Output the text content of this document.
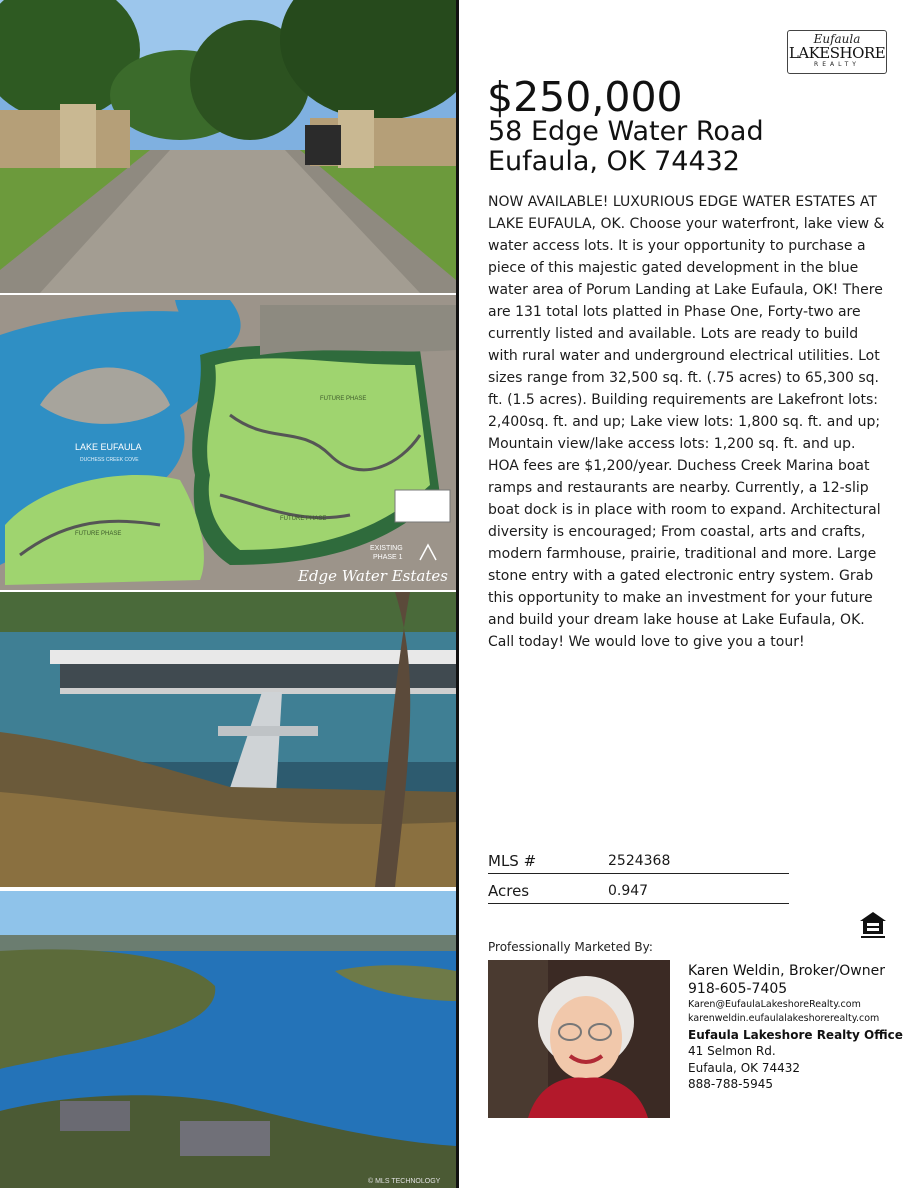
LAKE EUFAULA
DUCHESS CREEK COVE
FUTURE PHASE
FUTURE PHASE
FUTURE PHASE
EXISTING
PHASE 1
Edge Water Estates
© MLS TECHNOLOGY
Eufaula
LAKESHORE
REALTY
$250,000
58 Edge Water Road
Eufaula, OK 74432
NOW AVAILABLE! LUXURIOUS EDGE WATER ESTATES AT LAKE EUFAULA, OK. Choose your waterfront, lake view & water access lots. It is your opportunity to purchase a piece of this majestic gated development in the blue water area of Porum Landing at Lake Eufaula, OK! There are 131 total lots platted in Phase One, Forty-two are currently listed and available. Lots are ready to build with rural water and underground electrical utilities. Lot sizes range from 32,500 sq. ft. (.75 acres) to 65,300 sq. ft. (1.5 acres). Building requirements are Lakefront lots: 2,400sq. ft. and up; Lake view lots: 1,800 sq. ft. and up; Mountain view/lake access lots: 1,200 sq. ft. and up. HOA fees are $1,200/year. Duchess Creek Marina boat ramps and restaurants are nearby. Currently, a 12-slip boat dock is in place with room to expand. Architectural diversity is encouraged; From coastal, arts and crafts, modern farmhouse, prairie, traditional and more. Large stone entry with a gated electronic entry system. Grab this opportunity to make an investment for your future and build your dream lake house at Lake Eufaula, OK. Call today! We would love to give you a tour!
MLS #	2524368
Acres	0.947
Professionally Marketed By:
Karen Weldin, Broker/Owner
918-605-7405
Karen@EufaulaLakeshoreRealty.com
karenweldin.eufaulalakeshorerealty.com
Eufaula Lakeshore Realty Office
41 Selmon Rd.
Eufaula, OK 74432
888-788-5945
